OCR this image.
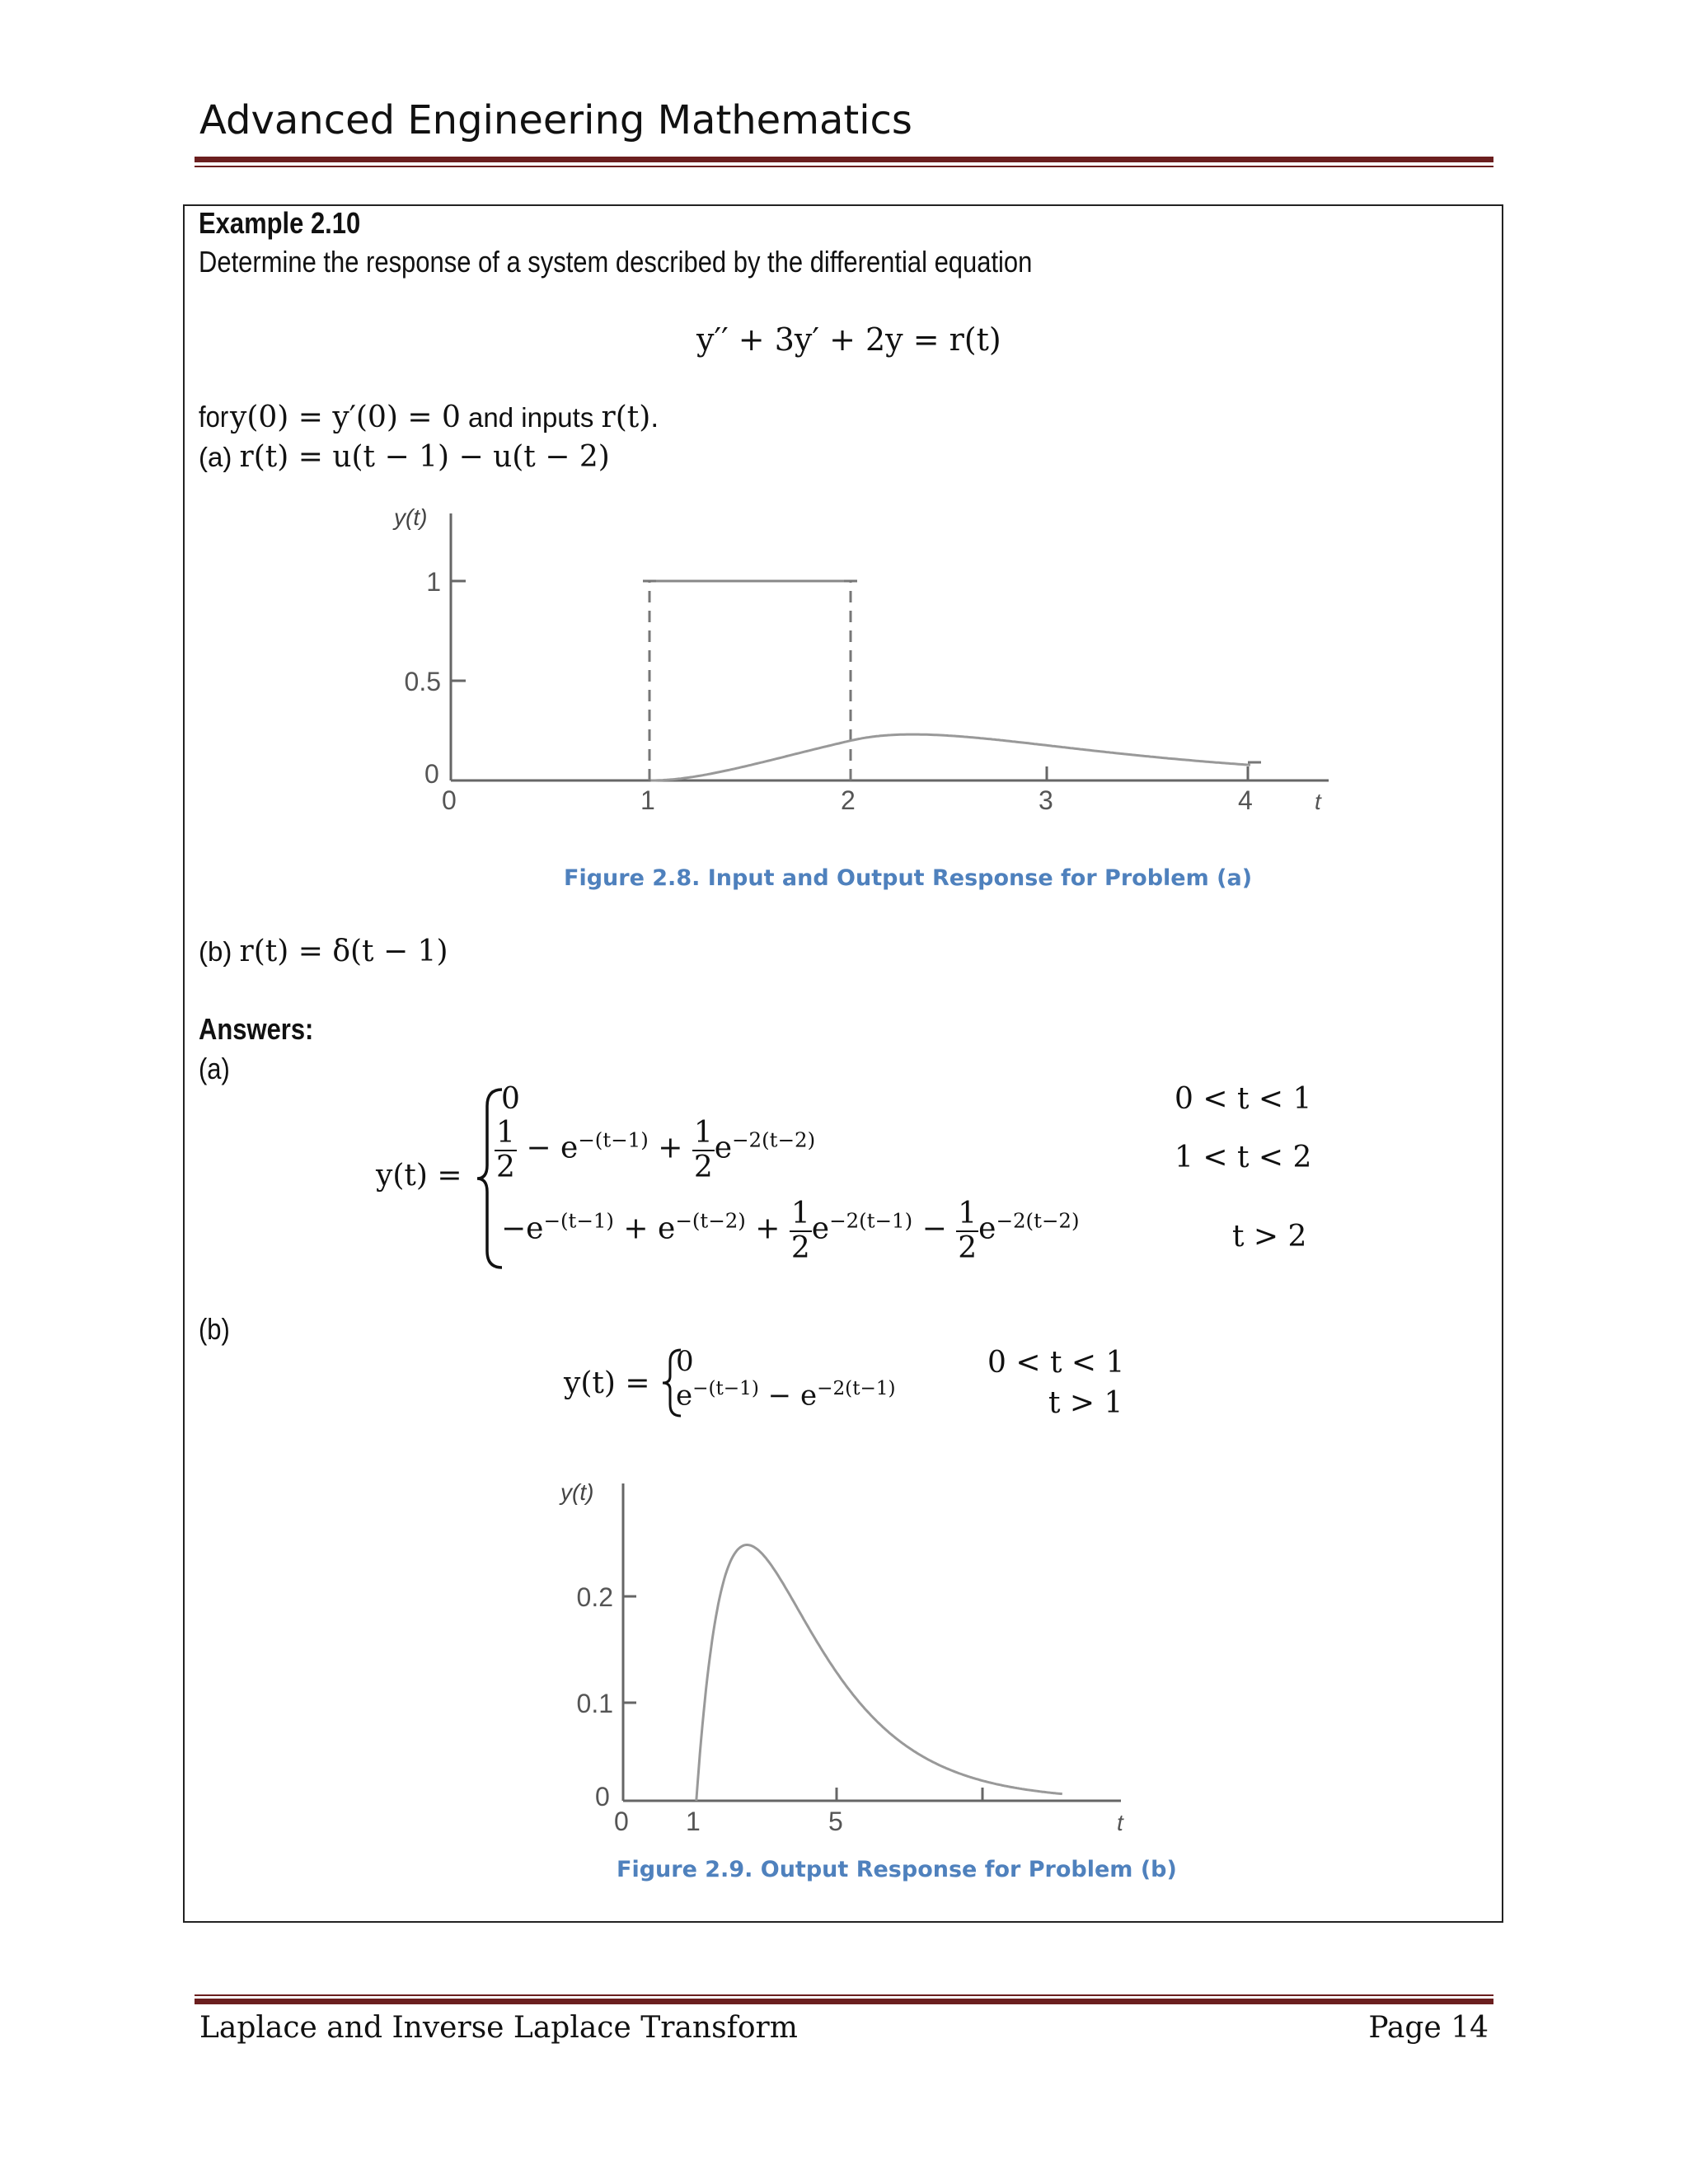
Advanced Engineering Mathematics
Example 2.10
Determine the response of a system described by the differential equation
y′′ + 3y′ + 2y = r(t)
fory(0) = y′(0) = 0 and inputs r(t).
(a) r(t) = u(t − 1) − u(t − 2)
y(t)
1
0.5
0
0	1	2	3	4	t
Figure 2.8. Input and Output Response for Problem (a)
(b) r(t) = δ(t − 1)
Answers:
(a)
y(t) =
0
$\frac{1}{2} - e^{-(t-1)} + \frac{1}{2} e^{-2(t-2)}$
$-e^{-(t-1)} + e^{-(t-2)} + \frac{1}{2} e^{-2(t-1)} - \frac{1}{2} e^{-2(t-2)}$
0 < t < 1
1 < t < 2
t > 2
(b)
y(t) =
0
$e^{-(t-1)} - e^{-2(t-1)}$
0 < t < 1
t > 1
y(t)
0.2
0.1
0
0 1	5	t
Figure 2.9. Output Response for Problem (b)
Laplace and Inverse Laplace Transform	Page 14
